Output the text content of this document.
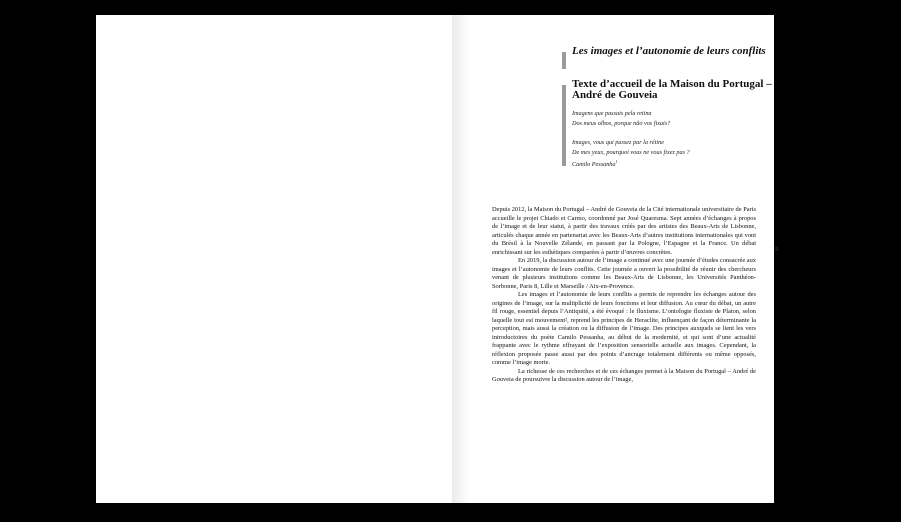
Les images et l’autonomie de leurs conflits
Texte d’accueil de la Maison du Portugal – André de Gouveia
Imagens que passais pela retina
Dos meus olhos, porque não vos fixais?
Images, vous qui passez par la rétine
De mes yeux, pourquoi vous ne vous fixez pas ?
Camilo Pessanha$^1$

Depuis 2012, la Maison du Portugal – André de Gouveia de la Cité internationale universitaire de Paris accueille le projet Chiado et Carmo, coordonné par José Quaresma. Sept années d’échanges à propos de l’image et de leur statut, à partir des travaux créés par des artistes des Beaux-Arts de Lisbonne, articulés chaque année en partenariat avec les Beaux-Arts d’autres institutions internationales qui vont du Brésil à la Nouvelle Zélande, en passant par la Pologne, l’Espagne et la France. Un débat enrichissant sur les esthétiques comparées à partir d’œuvres concrètes.

En 2019, la discussion autour de l’image a continué avec une journée d’études consacrée aux images et l’autonomie de leurs conflits. Cette journée a ouvert la possibilité de réunir des chercheurs venant de plusieurs institutions comme les Beaux-Arts de Lisbonne, les Universités Panthéon-Sorbonne, Paris 8, Lille et Marseille / Aix-en-Provence.

Les images et l’autonomie de leurs conflits a permis de reprendre les échanges autour des origines de l’image, sur la multiplicité de leurs fonctions et leur diffusion. Au cœur du débat, un autre fil rouge, essentiel depuis l’Antiquité, a été évoqué : le fluxisme. L’ontologie fluxiste de Platon, selon laquelle tout est mouvement², reprend les principes de Heraclite, influençant de façon déterminante la perception, mais aussi la création ou la diffusion de l’image. Des principes auxquels se lient les vers introductoires du poète Camilo Pessanha, au début de la modernité, et qui sont d’une actualité frappante avec le rythme effrayant de l’exposition sensorielle actuelle aux images. Cependant, la réflexion proposée passe aussi par des points d’ancrage totalement différents ou même opposés, comme l’image morte.

La richesse de ces recherches et de ces échanges permet à la Maison du Portugal – André de Gouveia de poursuivre la discussion autour de l’image,

9
